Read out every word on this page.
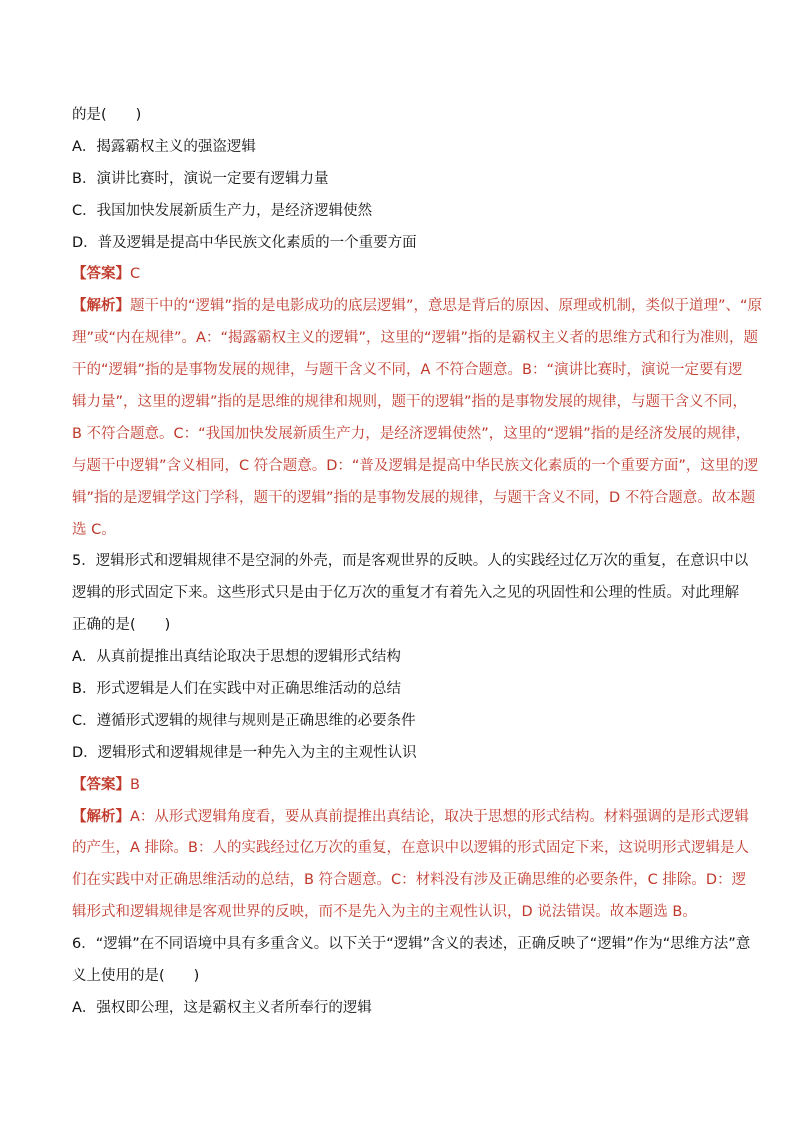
的是(　　)
A．揭露霸权主义的强盗逻辑
B．演讲比赛时，演说一定要有逻辑力量
C．我国加快发展新质生产力，是经济逻辑使然
D．普及逻辑是提高中华民族文化素质的一个重要方面
【答案】C
【解析】题干中的“逻辑”指的是电影成功的底层逻辑”，意思是背后的原因、原理或机制，类似于道理”、“原
理”或“内在规律”。A：“揭露霸权主义的逻辑”，这里的“逻辑”指的是霸权主义者的思维方式和行为准则，题
干的“逻辑”指的是事物发展的规律，与题干含义不同，A 不符合题意。B：“演讲比赛时，演说一定要有逻
辑力量”，这里的逻辑”指的是思维的规律和规则，题干的逻辑”指的是事物发展的规律，与题干含义不同，
B 不符合题意。C：“我国加快发展新质生产力，是经济逻辑使然”，这里的“逻辑”指的是经济发展的规律，
与题干中逻辑”含义相同，C 符合题意。D：“普及逻辑是提高中华民族文化素质的一个重要方面”，这里的逻
辑”指的是逻辑学这门学科，题干的逻辑”指的是事物发展的规律，与题干含义不同，D 不符合题意。故本题
选 C。
5．逻辑形式和逻辑规律不是空洞的外壳，而是客观世界的反映。人的实践经过亿万次的重复，在意识中以
逻辑的形式固定下来。这些形式只是由于亿万次的重复才有着先入之见的巩固性和公理的性质。对此理解
正确的是(　　)
A．从真前提推出真结论取决于思想的逻辑形式结构
B．形式逻辑是人们在实践中对正确思维活动的总结
C．遵循形式逻辑的规律与规则是正确思维的必要条件
D．逻辑形式和逻辑规律是一种先入为主的主观性认识
【答案】B
【解析】A：从形式逻辑角度看，要从真前提推出真结论，取决于思想的形式结构。材料强调的是形式逻辑
的产生，A 排除。B：人的实践经过亿万次的重复，在意识中以逻辑的形式固定下来，这说明形式逻辑是人
们在实践中对正确思维活动的总结，B 符合题意。C：材料没有涉及正确思维的必要条件，C 排除。D：逻
辑形式和逻辑规律是客观世界的反映，而不是先入为主的主观性认识，D 说法错误。故本题选 B。
6．“逻辑”在不同语境中具有多重含义。以下关于“逻辑”含义的表述，正确反映了“逻辑”作为“思维方法”意
义上使用的是(　　)
A．强权即公理，这是霸权主义者所奉行的逻辑
